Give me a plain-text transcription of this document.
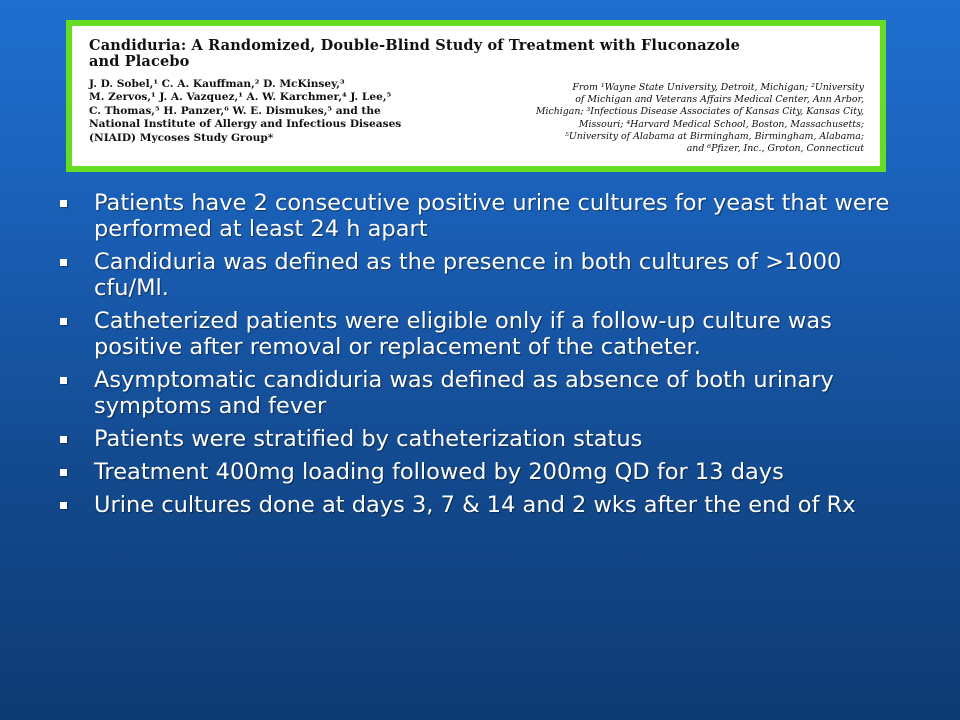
Candiduria: A Randomized, Double-Blind Study of Treatment with Fluconazole
and Placebo
J. D. Sobel,¹ C. A. Kauffman,² D. McKinsey,³
M. Zervos,¹ J. A. Vazquez,¹ A. W. Karchmer,⁴ J. Lee,⁵
C. Thomas,⁵ H. Panzer,⁶ W. E. Dismukes,⁵ and the
National Institute of Allergy and Infectious Diseases
(NIAID) Mycoses Study Group*
From ¹Wayne State University, Detroit, Michigan; ²University
of Michigan and Veterans Affairs Medical Center, Ann Arbor,
Michigan; ³Infectious Disease Associates of Kansas City, Kansas City,
Missouri; ⁴Harvard Medical School, Boston, Massachusetts;
⁵University of Alabama at Birmingham, Birmingham, Alabama;
and ⁶Pfizer, Inc., Groton, Connecticut
Patients have 2 consecutive positive urine cultures for yeast that were performed at least 24 h apart
Candiduria was defined as the presence in both cultures of >1000 cfu/Ml.
Catheterized patients were eligible only if a follow-up culture was positive after removal or replacement of the catheter.
Asymptomatic candiduria was defined as absence of both urinary symptoms and fever
Patients were stratified by catheterization status
Treatment 400mg loading followed by 200mg QD for 13 days
Urine cultures done at days 3, 7 & 14 and 2 wks after the end of Rx
